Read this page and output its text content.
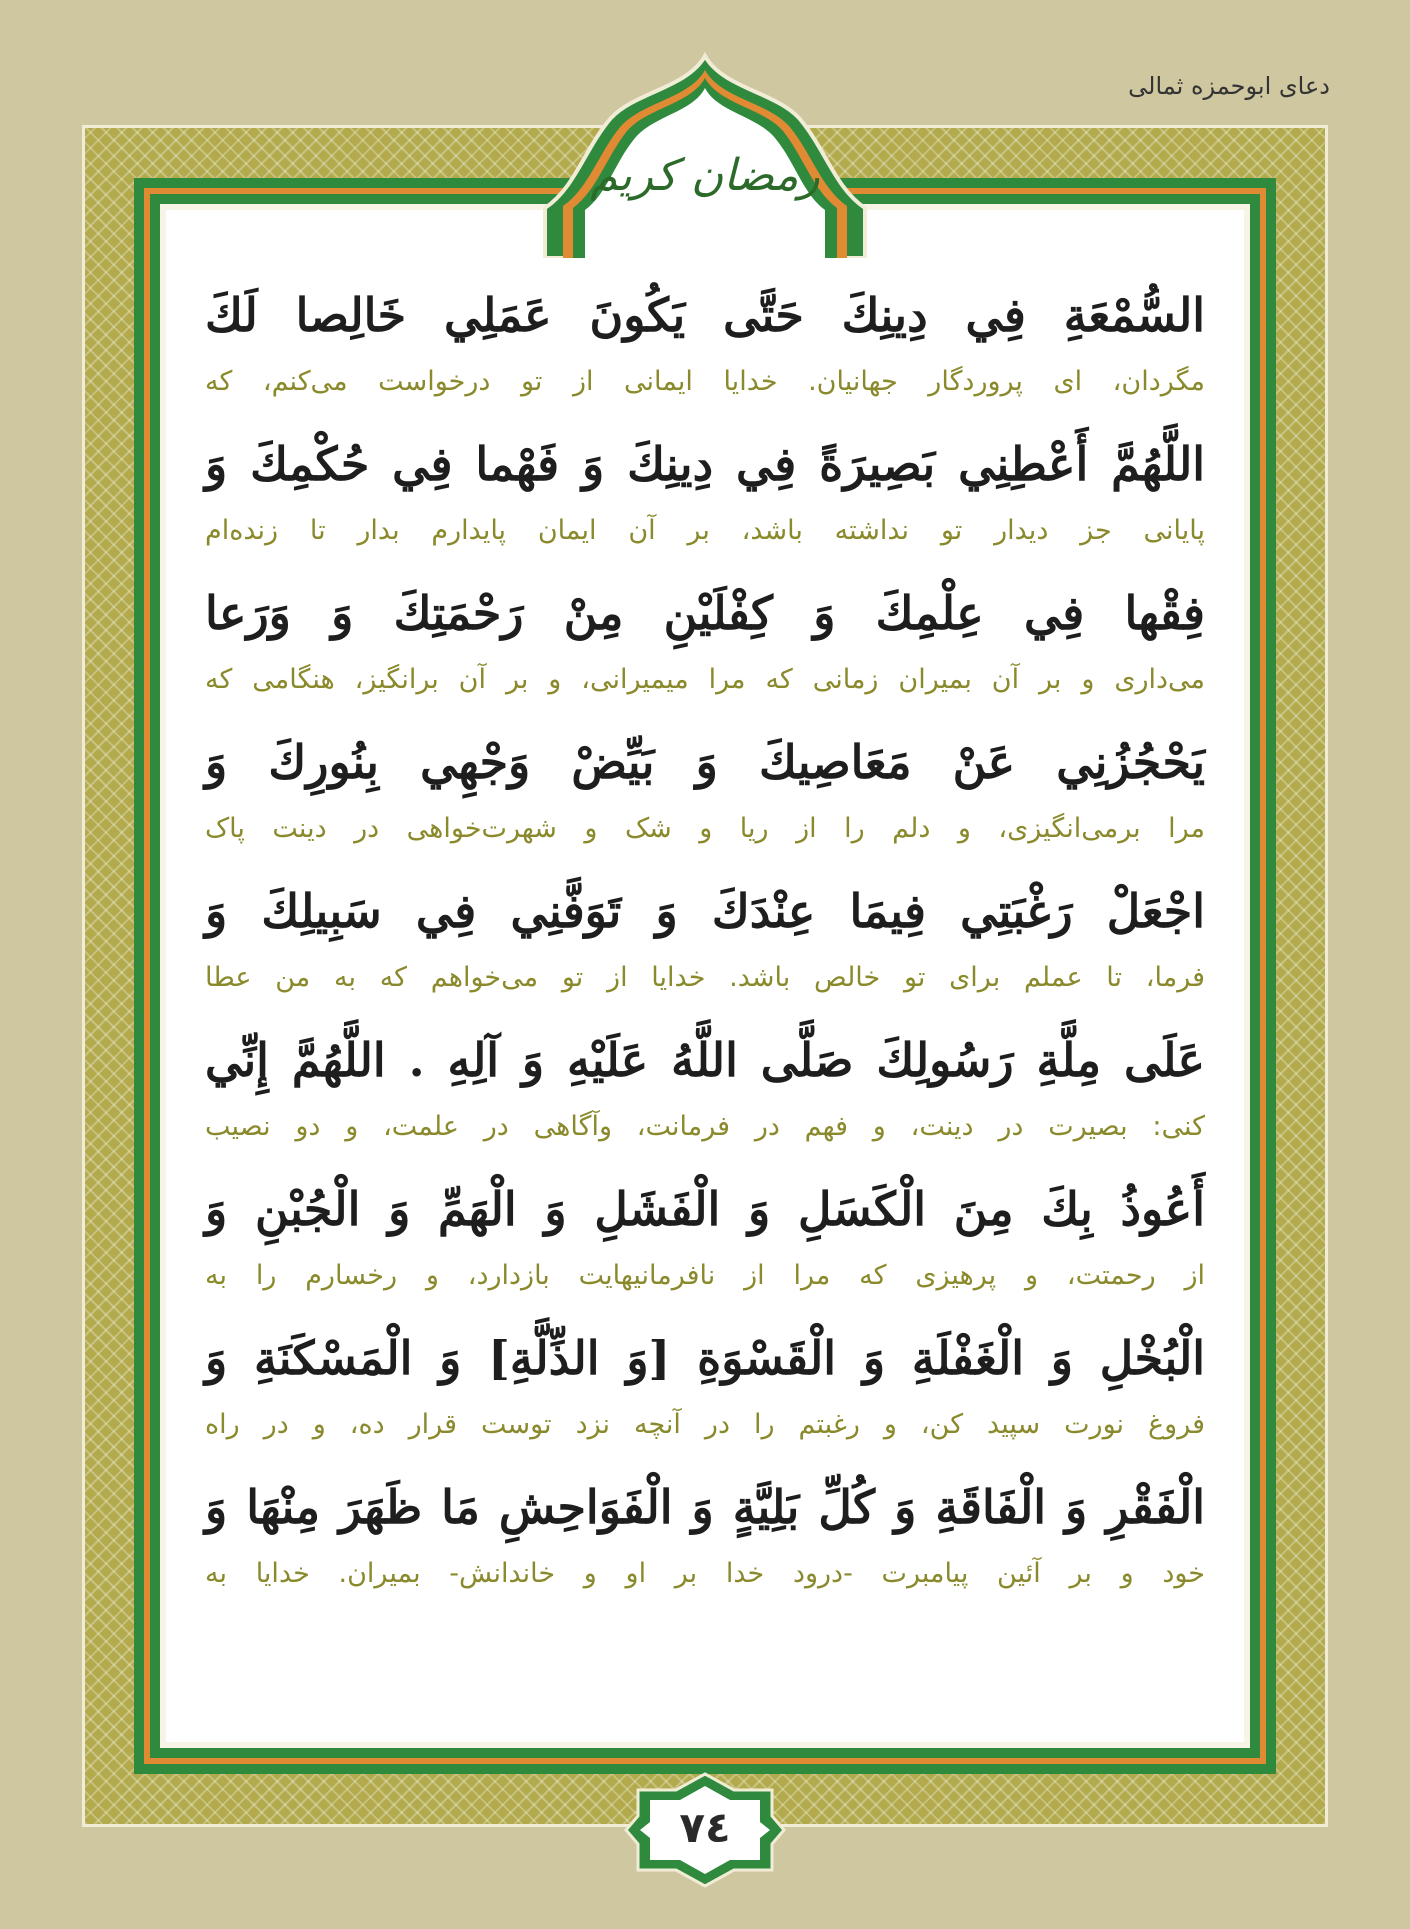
دعای ابوحمزه ثمالی
رمضان کریم
۷٤
السُّمْعَةِ فِي دِينِكَ حَتَّى يَكُونَ عَمَلِي خَالِصا لَكَ
مگردان، ای پروردگار جهانیان. خدایا ایمانی از تو درخواست می‌کنم، که
اللَّهُمَّ أَعْطِنِي بَصِيرَةً فِي دِينِكَ وَ فَهْما فِي حُكْمِكَ وَ
پایانی جز دیدار تو نداشته باشد، بر آن ایمان پایدارم بدار تا زنده‌ام
فِقْها فِي عِلْمِكَ وَ كِفْلَيْنِ مِنْ رَحْمَتِكَ وَ وَرَعا
می‌داری و بر آن بمیران زمانی که مرا میمیرانی، و بر آن برانگیز، هنگامی که
يَحْجُزُنِي عَنْ مَعَاصِيكَ وَ بَيِّضْ وَجْهِي بِنُورِكَ وَ
مرا برمی‌انگیزی، و دلم را از ریا و شک و شهرت‌خواهی در دینت پاک
اجْعَلْ رَغْبَتِي فِيمَا عِنْدَكَ وَ تَوَفَّنِي فِي سَبِيلِكَ وَ
فرما، تا عملم برای تو خالص باشد. خدایا از تو می‌خواهم که به من عطا
عَلَى مِلَّةِ رَسُولِكَ صَلَّى اللَّهُ عَلَيْهِ وَ آلِهِ . اللَّهُمَّ إِنِّي
کنی: بصیرت در دینت، و فهم در فرمانت، وآگاهی در علمت، و دو نصیب
أَعُوذُ بِكَ مِنَ الْكَسَلِ وَ الْفَشَلِ وَ الْهَمِّ وَ الْجُبْنِ وَ
از رحمتت، و پرهیزی که مرا از نافرمانیهایت بازدارد، و رخسارم را به
الْبُخْلِ وَ الْغَفْلَةِ وَ الْقَسْوَةِ [وَ الذِّلَّةِ] وَ الْمَسْكَنَةِ وَ
فروغ نورت سپید کن، و رغبتم را در آنچه نزد توست قرار ده، و در راه
الْفَقْرِ وَ الْفَاقَةِ وَ كُلِّ بَلِيَّةٍ وَ الْفَوَاحِشِ مَا ظَهَرَ مِنْهَا وَ
خود و بر آئین پیامبرت -درود خدا بر او و خاندانش- بمیران. خدایا به
